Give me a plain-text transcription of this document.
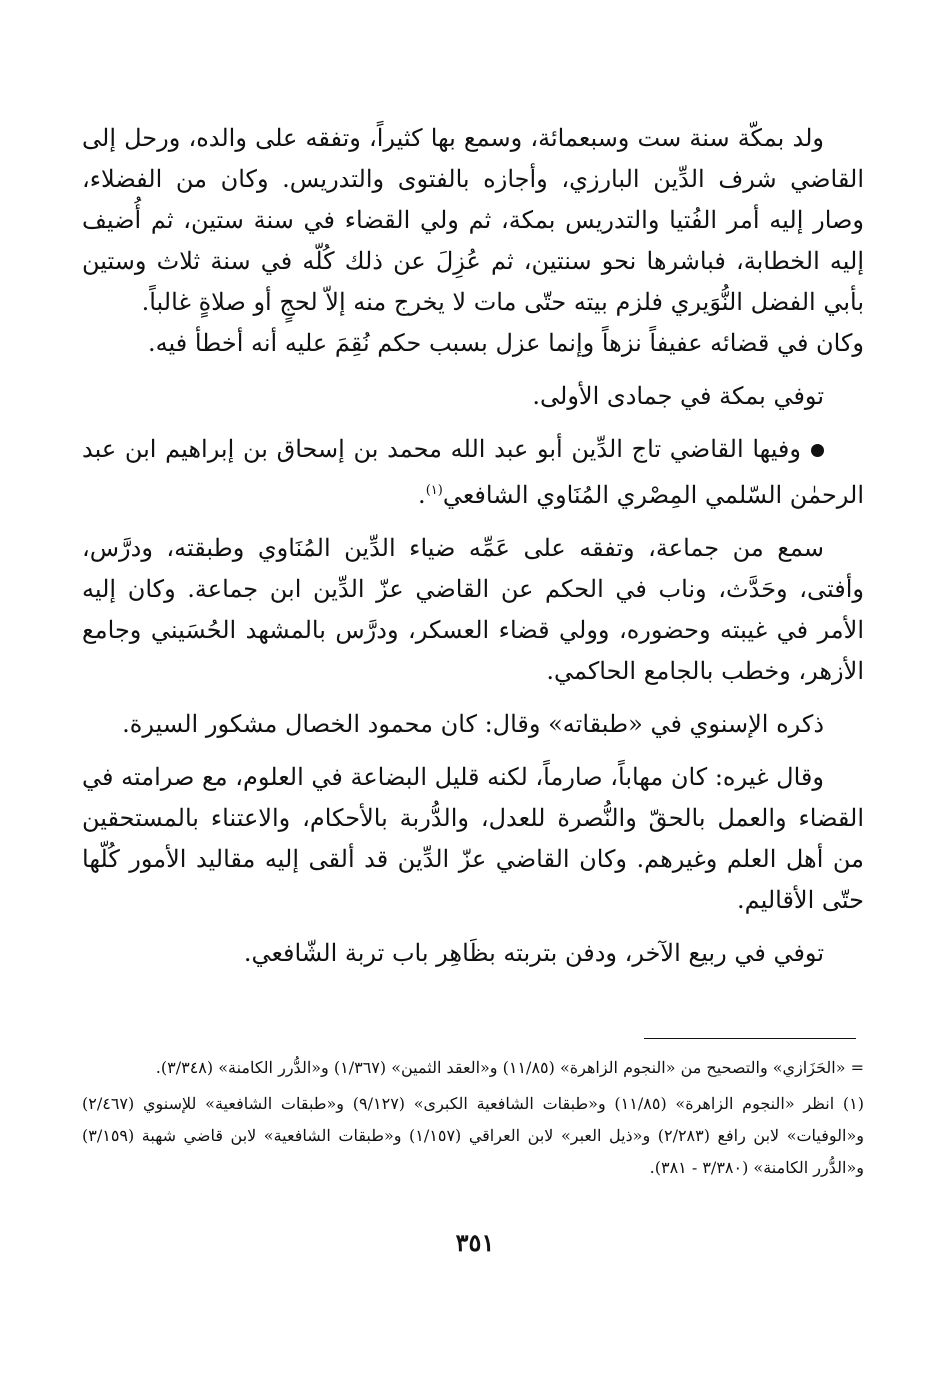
ولد بمكّة سنة ست وسبعمائة، وسمع بها كثيراً، وتفقه على والده، ورحل إلى القاضي شرف الدِّين البارزي، وأجازه بالفتوى والتدريس. وكان من الفضلاء، وصار إليه أمر الفُتيا والتدريس بمكة، ثم ولي القضاء في سنة ستين، ثم أُضيف إليه الخطابة، فباشرها نحو سنتين، ثم عُزِلَ عن ذلك كُلّه في سنة ثلاث وستين بأبي الفضل النُّوَيري فلزم بيته حتّى مات لا يخرج منه إلاّ لحجٍ أو صلاةٍ غالباً.

وكان في قضائه عفيفاً نزهاً وإنما عزل بسبب حكم نُقِمَ عليه أنه أخطأ فيه.

توفي بمكة في جمادى الأولى.

وفيها القاضي تاج الدِّين أبو عبد الله محمد بن إسحاق بن إبراهيم ابن عبد الرحمٰن السّلمي المِصْري المُنَاوي الشافعي$^{(١)}$.

سمع من جماعة، وتفقه على عَمِّه ضياء الدِّين المُنَاوي وطبقته، ودرَّس، وأفتى، وحَدَّث، وناب في الحكم عن القاضي عزّ الدِّين ابن جماعة. وكان إليه الأمر في غيبته وحضوره، وولي قضاء العسكر، ودرَّس بالمشهد الحُسَيني وجامع الأزهر، وخطب بالجامع الحاكمي.

ذكره الإسنوي في «طبقاته» وقال: كان محمود الخصال مشكور السيرة.

وقال غيره: كان مهاباً، صارماً، لكنه قليل البضاعة في العلوم، مع صرامته في القضاء والعمل بالحقّ والنُّصرة للعدل، والدُّربة بالأحكام، والاعتناء بالمستحقين من أهل العلم وغيرهم. وكان القاضي عزّ الدِّين قد ألقى إليه مقاليد الأمور كُلّها حتّى الأقاليم.

توفي في ربيع الآخر، ودفن بتربته بظَاهِر باب تربة الشّافعي.

= «الحَزَازي» والتصحيح من «النجوم الزاهرة» (١١/٨٥) و«العقد الثمين» (١/٣٦٧) و«الدُّرر الكامنة» (٣/٣٤٨).

(١) انظر «النجوم الزاهرة» (١١/٨٥) و«طبقات الشافعية الكبرى» (٩/١٢٧) و«طبقات الشافعية» للإسنوي (٢/٤٦٧) و«الوفيات» لابن رافع (٢/٢٨٣) و«ذيل العبر» لابن العراقي (١/١٥٧) و«طبقات الشافعية» لابن قاضي شهبة (٣/١٥٩) و«الدُّرر الكامنة» (٣/٣٨٠ - ٣٨١).

٣٥١
